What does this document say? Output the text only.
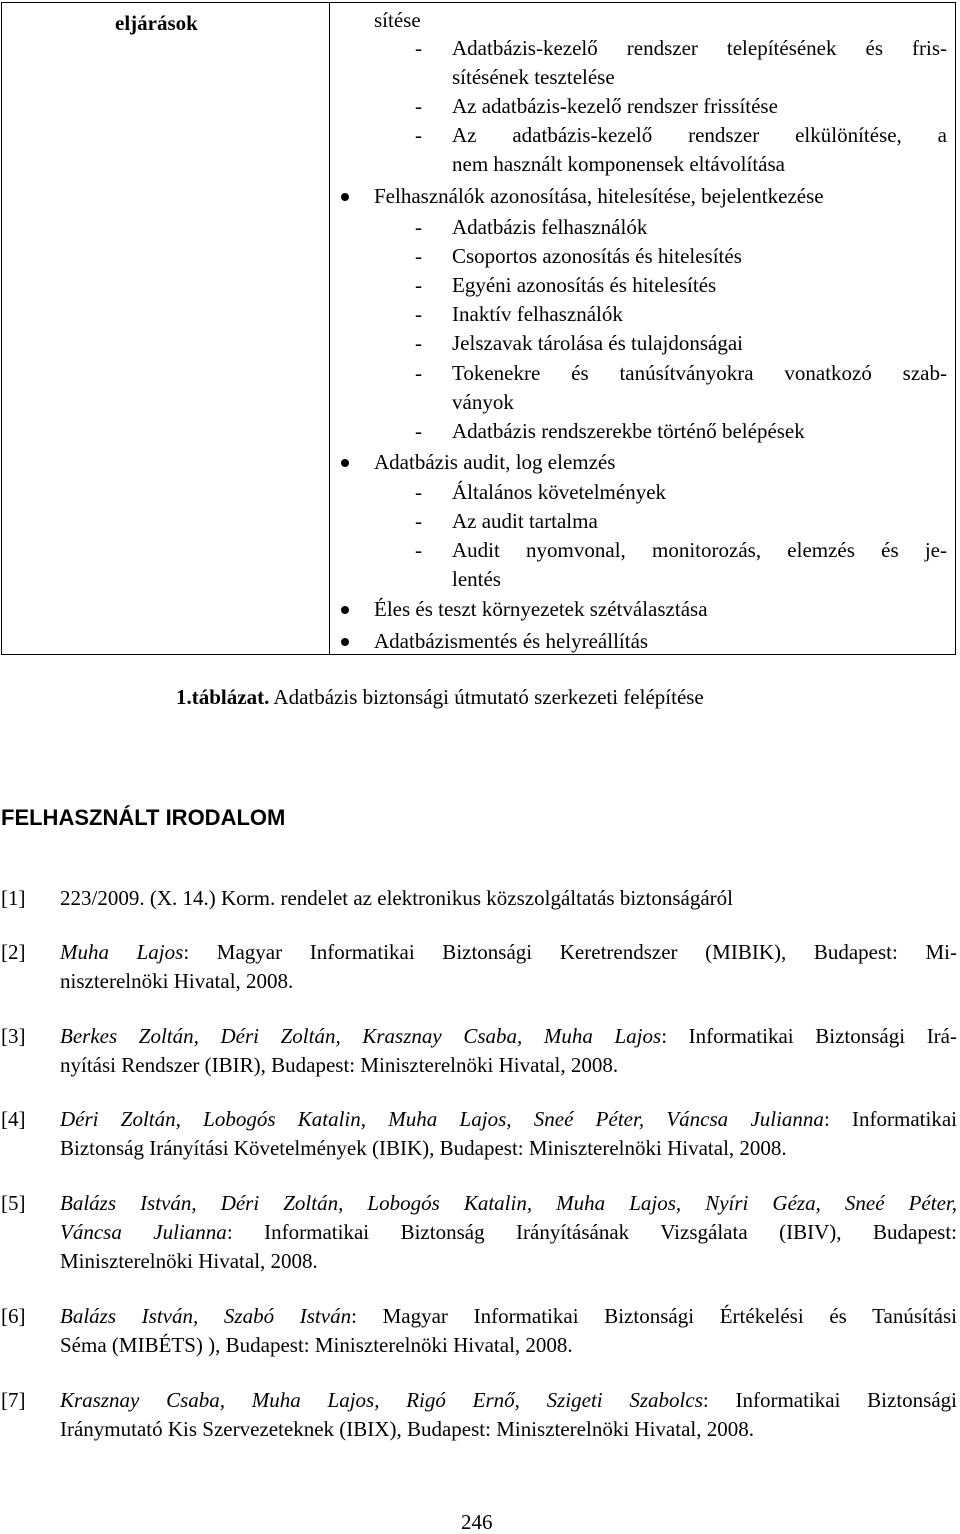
eljárások	sítése
- Adatbázis-kezelő rendszer telepítésének és fris-
sítésének tesztelése
- Az adatbázis-kezelő rendszer frissítése
- Az adatbázis-kezelő rendszer elkülönítése, a
nem használt komponensek eltávolítása
Felhasználók azonosítása, hitelesítése, bejelentkezése
- Adatbázis felhasználók
- Csoportos azonosítás és hitelesítés
- Egyéni azonosítás és hitelesítés
- Inaktív felhasználók
- Jelszavak tárolása és tulajdonságai
- Tokenekre és tanúsítványokra vonatkozó szab-
ványok
- Adatbázis rendszerekbe történő belépések
Adatbázis audit, log elemzés
- Általános követelmények
- Az audit tartalma
- Audit nyomvonal, monitorozás, elemzés és je-
lentés
Éles és teszt környezetek szétválasztása
Adatbázismentés és helyreállítás

1.táblázat. Adatbázis biztonsági útmutató szerkezeti felépítése

FELHASZNÁLT IRODALOM
[1] 223/2009. (X. 14.) Korm. rendelet az elektronikus közszolgáltatás biztonságáról
[2] Muha Lajos: Magyar Informatikai Biztonsági Keretrendszer (MIBIK), Budapest: Mi-
niszterelnöki Hivatal, 2008.
[3] Berkes Zoltán, Déri Zoltán, Krasznay Csaba, Muha Lajos: Informatikai Biztonsági Irá-
nyítási Rendszer (IBIR), Budapest: Miniszterelnöki Hivatal, 2008.
[4] Déri Zoltán, Lobogós Katalin, Muha Lajos, Sneé Péter, Váncsa Julianna: Informatikai
Biztonság Irányítási Követelmények (IBIK), Budapest: Miniszterelnöki Hivatal, 2008.
[5] Balázs István, Déri Zoltán, Lobogós Katalin, Muha Lajos, Nyíri Géza, Sneé Péter,
Váncsa Julianna: Informatikai Biztonság Irányításának Vizsgálata (IBIV), Budapest:
Miniszterelnöki Hivatal, 2008.
[6] Balázs István, Szabó István: Magyar Informatikai Biztonsági Értékelési és Tanúsítási
Séma (MIBÉTS) ), Budapest: Miniszterelnöki Hivatal, 2008.
[7] Krasznay Csaba, Muha Lajos, Rigó Ernő, Szigeti Szabolcs: Informatikai Biztonsági
Iránymutató Kis Szervezeteknek (IBIX), Budapest: Miniszterelnöki Hivatal, 2008.
246
